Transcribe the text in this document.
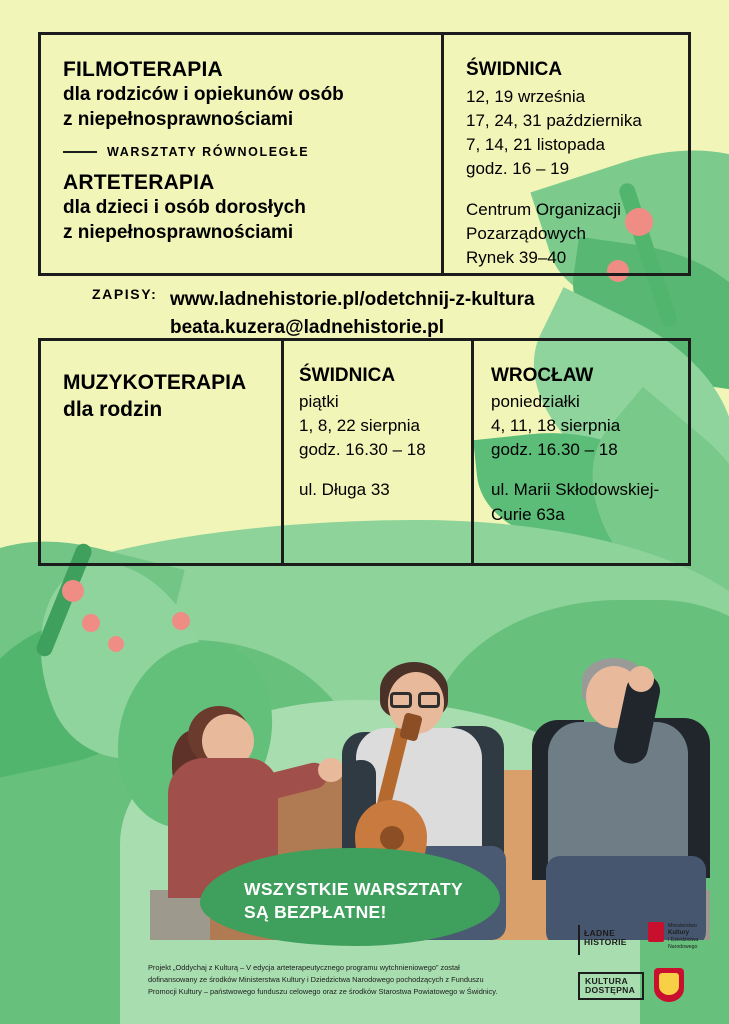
FILMOTERAPIA
dla rodziców i opiekunów osób
z niepełnosprawnościami
WARSZTATY RÓWNOLEGŁE
ARTETERAPIA
dla dzieci i osób dorosłych
z niepełnosprawnościami
ŚWIDNICA
12, 19 września
17, 24, 31 października
7, 14, 21 listopada
godz. 16 – 19
Centrum Organizacji
Pozarządowych
Rynek 39–40
ZAPISY: www.ladnehistorie.pl/odetchnij-z-kultura
beata.kuzera@ladnehistorie.pl
MUZYKOTERAPIA
dla rodzin
ŚWIDNICA
piątki
1, 8, 22 sierpnia
godz. 16.30 – 18
ul. Długa 33
WROCŁAW
poniedziałki
4, 11, 18 sierpnia
godz. 16.30 – 18
ul. Marii Skłodowskiej-
Curie 63a
WSZYSTKIE WARSZTATY
SĄ BEZPŁATNE!
ŁADNE
HISTORIE
Ministerstwo
Kultury
i Dziedzictwa
Narodowego
KULTURA
DOSTĘPNA
Projekt „Oddychaj z Kulturą – V edycja arteterapeutycznego programu wytchnieniowego” został
dofinansowany ze środków Ministerstwa Kultury i Dziedzictwa Narodowego pochodzących z Funduszu
Promocji Kultury – państwowego funduszu celowego oraz ze środków Starostwa Powiatowego w Świdnicy.
